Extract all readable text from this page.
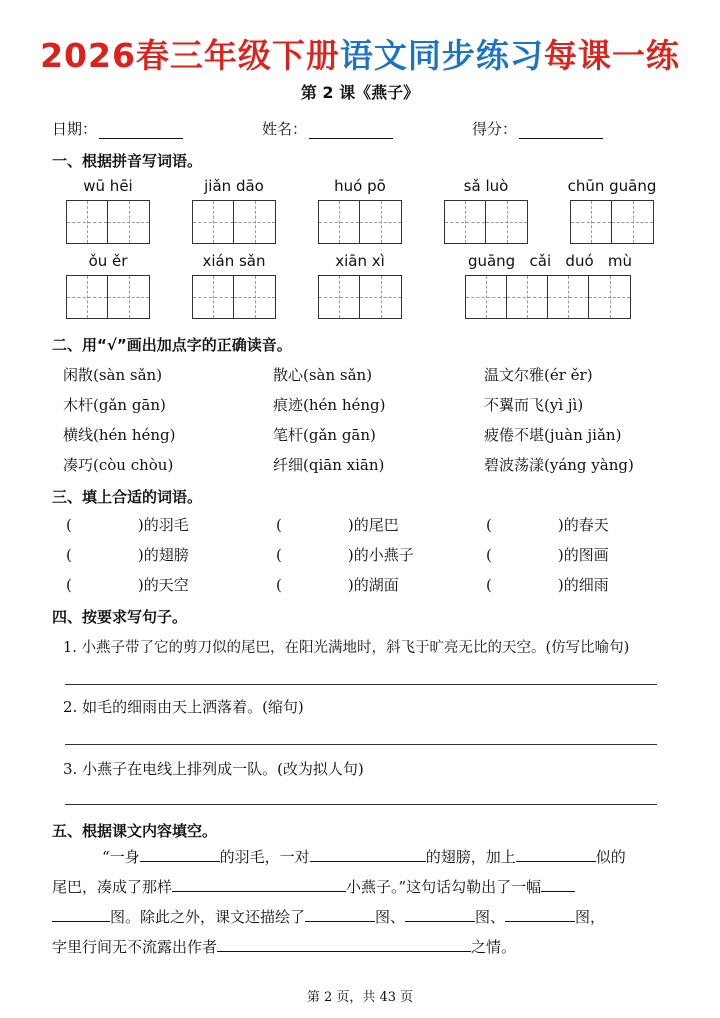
2026春三年级下册语文同步练习每课一练
第 2 课《燕子》
日期：	姓名：	得分：
一、根据拼音写词语。
wū hēi	jiǎn dāo	huó pō	sǎ luò	chūn guāng
ǒu ěr	xián sǎn	xiān xì	guāng   cǎi   duó   mù
二、用“√”画出加点字的正确读音。
闲散(sàn sǎn)	散心(sàn sǎn)	温文尔雅(ér ěr)
木杆(gǎn gān)	痕迹(hén héng)	不翼而飞(yì jì)
横线(hén héng)	笔杆(gǎn gān)	疲倦不堪(juàn jiǎn)
凑巧(còu chòu)	纤细(qiān xiān)	碧波荡漾(yáng yàng)
三、填上合适的词语。
(	)的羽毛	(	)的尾巴	(	)的春天
(	)的翅膀	(	)的小燕子	(	)的图画
(	)的天空	(	)的湖面	(	)的细雨
四、按要求写句子。
1. 小燕子带了它的剪刀似的尾巴，在阳光满地时，斜飞于旷亮无比的天空。(仿写比喻句)
2. 如毛的细雨由天上洒落着。(缩句)
3. 小燕子在电线上排列成一队。(改为拟人句)
五、根据课文内容填空。
“一身	的羽毛，一对	的翅膀，加上	似的
尾巴，凑成了那样	小燕子。”这句话勾勒出了一幅
图。除此之外，课文还描绘了	图、	图、	图，
字里行间无不流露出作者	之情。
第 2 页，共 43 页
